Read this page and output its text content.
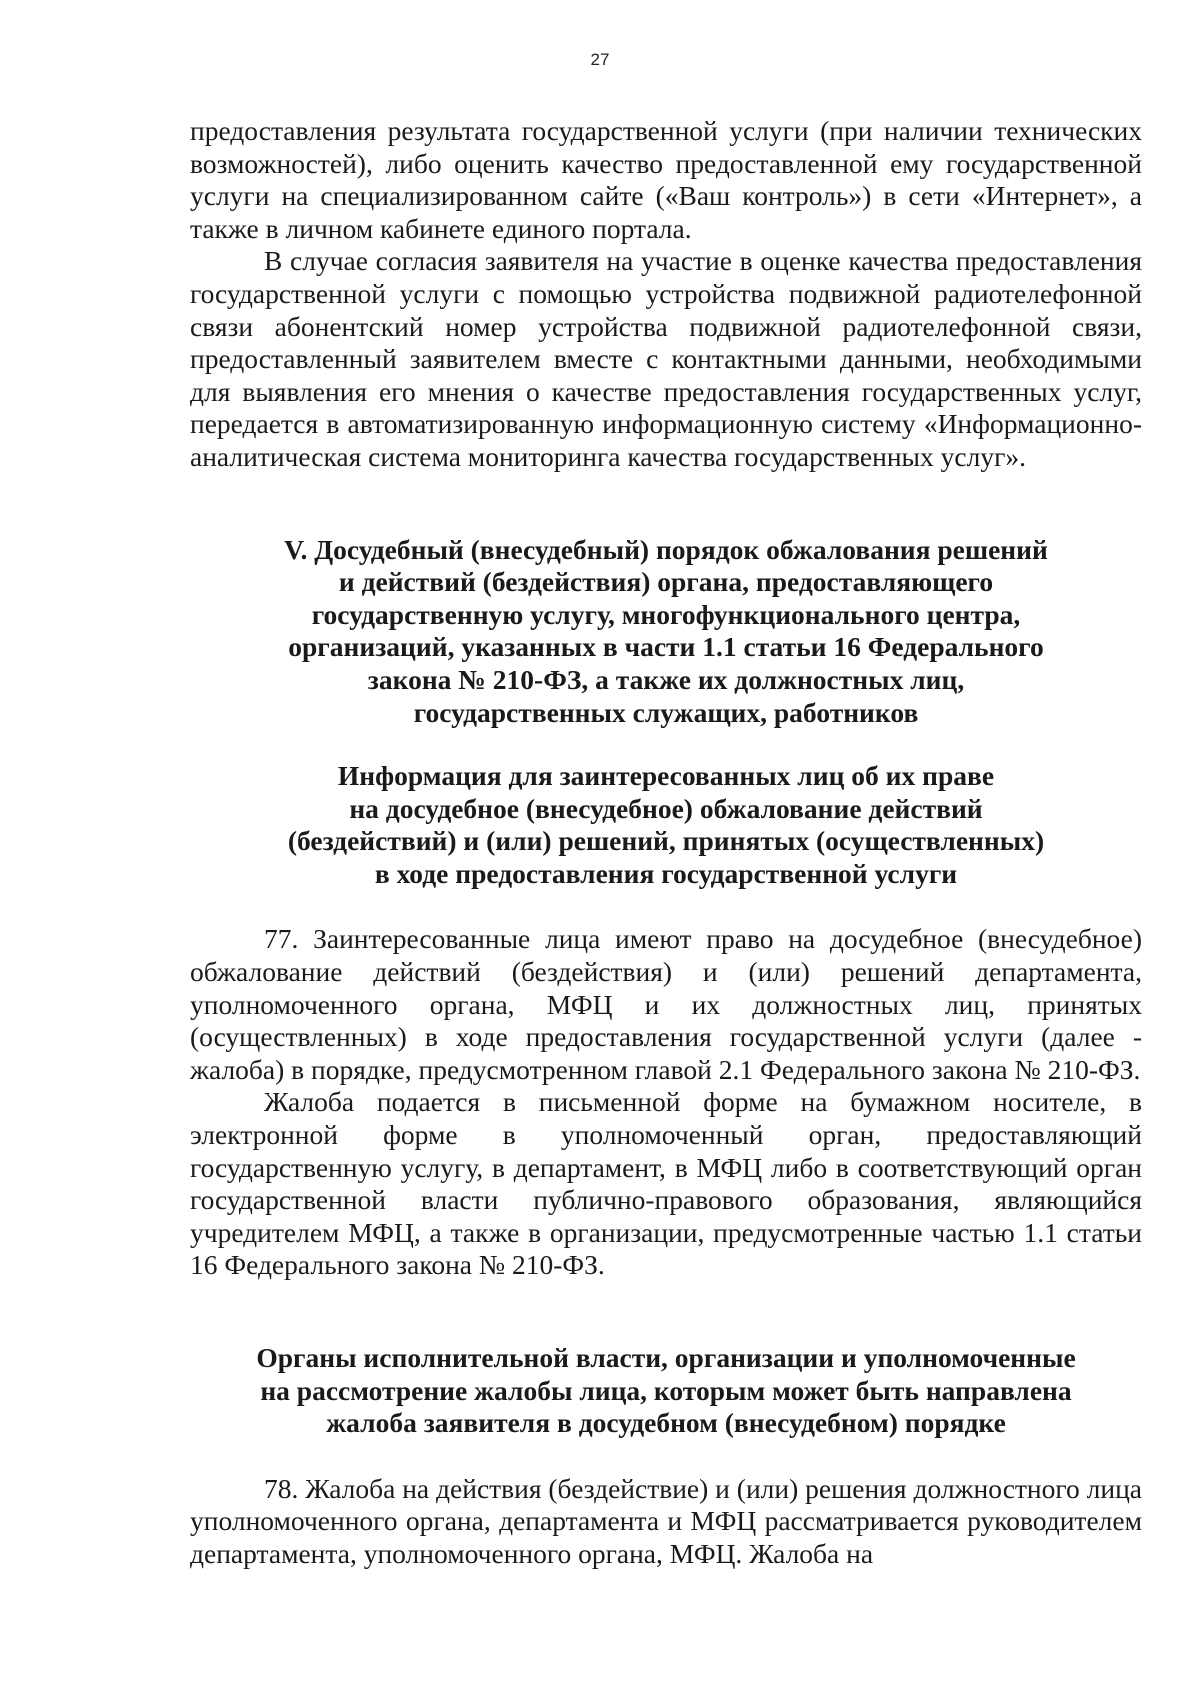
27

предоставления результата государственной услуги (при наличии технических возможностей), либо оценить качество предоставленной ему государственной услуги на специализированном сайте («Ваш контроль») в сети «Интернет», а также в личном кабинете единого портала.

В случае согласия заявителя на участие в оценке качества предоставления государственной услуги с помощью устройства подвижной радиотелефонной связи абонентский номер устройства подвижной радиотелефонной связи, предоставленный заявителем вместе с контактными данными, необходимыми для выявления его мнения о качестве предоставления государственных услуг, передается в автоматизированную информационную систему «Информационно-аналитическая система мониторинга качества государственных услуг».

V. Досудебный (внесудебный) порядок обжалования решений
и действий (бездействия) органа, предоставляющего
государственную услугу, многофункционального центра,
организаций, указанных в части 1.1 статьи 16 Федерального
закона № 210-ФЗ, а также их должностных лиц,
государственных служащих, работников
Информация для заинтересованных лиц об их праве
на досудебное (внесудебное) обжалование действий
(бездействий) и (или) решений, принятых (осуществленных)
в ходе предоставления государственной услуги

77. Заинтересованные лица имеют право на досудебное (внесудебное) обжалование действий (бездействия) и (или) решений департамента, уполномоченного органа, МФЦ и их должностных лиц, принятых (осуществленных) в ходе предоставления государственной услуги (далее - жалоба) в порядке, предусмотренном главой 2.1 Федерального закона № 210-ФЗ.

Жалоба подается в письменной форме на бумажном носителе, в электронной форме в уполномоченный орган, предоставляющий государственную услугу, в департамент, в МФЦ либо в соответствующий орган государственной власти публично-правового образования, являющийся учредителем МФЦ, а также в организации, предусмотренные частью 1.1 статьи 16 Федерального закона № 210-ФЗ.

Органы исполнительной власти, организации и уполномоченные
на рассмотрение жалобы лица, которым может быть направлена
жалоба заявителя в досудебном (внесудебном) порядке

78. Жалоба на действия (бездействие) и (или) решения должностного лица уполномоченного органа, департамента и МФЦ рассматривается руководителем департамента, уполномоченного органа, МФЦ. Жалоба на
